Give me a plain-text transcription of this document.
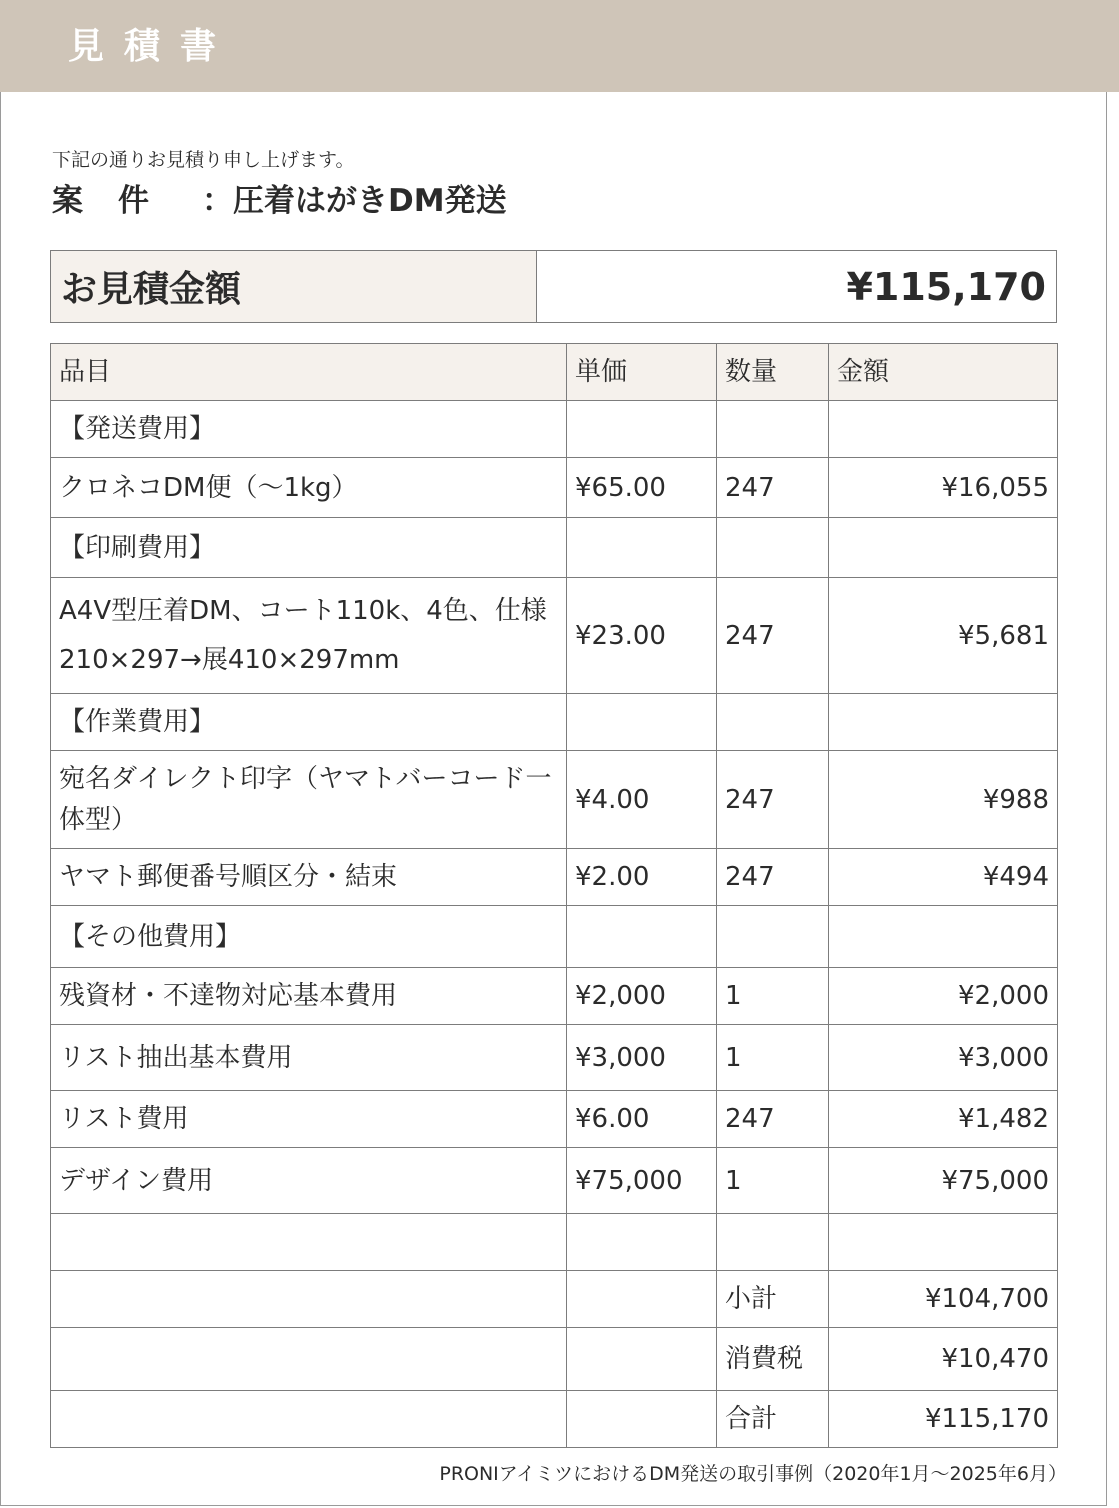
見積書
下記の通りお見積り申し上げます。
案　件 ：圧着はがきDM発送
お見積金額	¥115,170
品目	単価	数量	金額
【発送費用】			
クロネコDM便（〜1kg）	¥65.00	247	¥16,055
【印刷費用】			
A4V型圧着DM、コート110k、4色、仕様210×297→展410×297mm	¥23.00	247	¥5,681
【作業費用】			
宛名ダイレクト印字（ヤマトバーコード一体型）	¥4.00	247	¥988
ヤマト郵便番号順区分・結束	¥2.00	247	¥494
【その他費用】			
残資材・不達物対応基本費用	¥2,000	1	¥2,000
リスト抽出基本費用	¥3,000	1	¥3,000
リスト費用	¥6.00	247	¥1,482
デザイン費用	¥75,000	1	¥75,000

		小計	¥104,700
		消費税	¥10,470
		合計	¥115,170
PRONIアイミツにおけるDM発送の取引事例（2020年1月〜2025年6月）
